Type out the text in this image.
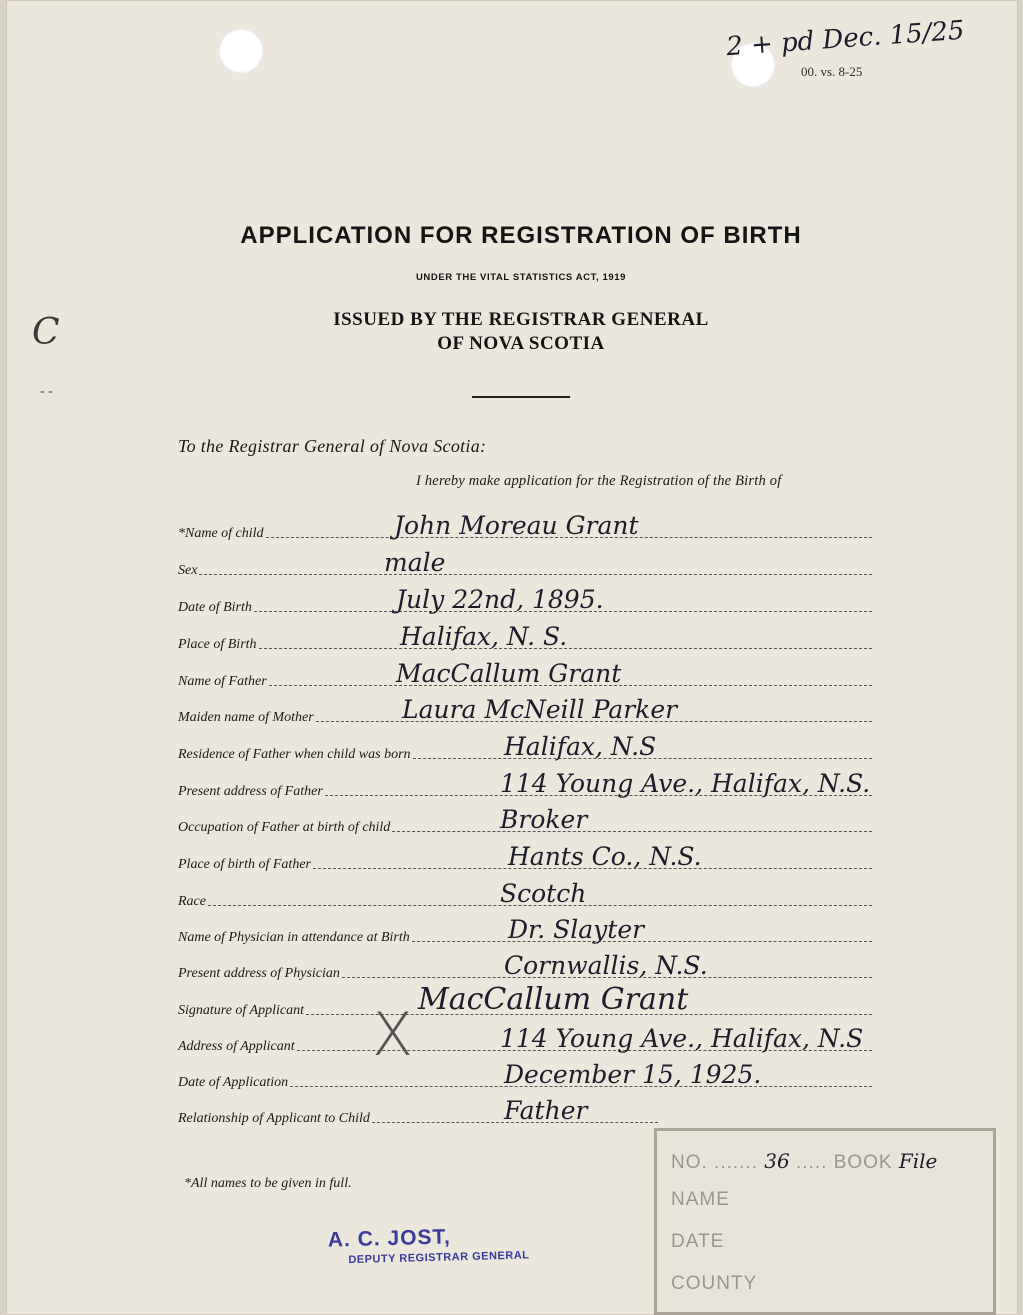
00. vs. 8-25
2 + pd Dec. 15/25
C
- -
APPLICATION FOR REGISTRATION OF BIRTH
UNDER THE VITAL STATISTICS ACT, 1919
ISSUED BY THE REGISTRAR GENERAL
OF NOVA SCOTIA
To the Registrar General of Nova Scotia:
I hereby make application for the Registration of the Birth of
*Name of child	John Moreau Grant
Sex	male
Date of Birth	July 22nd, 1895.
Place of Birth	Halifax, N. S.
Name of Father	MacCallum Grant
Maiden name of Mother	Laura McNeill Parker
Residence of Father when child was born	Halifax, N.S
Present address of Father	114 Young Ave., Halifax, N.S.
Occupation of Father at birth of child	Broker
Place of birth of Father	Hants Co., N.S.
Race	Scotch
Name of Physician in attendance at Birth	Dr. Slayter
Present address of Physician	Cornwallis, N.S.
Signature of Applicant	MacCallum Grant
Address of Applicant	114 Young Ave., Halifax, N.S
Date of Application	December 15, 1925.
Relationship of Applicant to Child	Father
X
*All names to be given in full.
A. C. JOST,
DEPUTY REGISTRAR GENERAL
NO. ....... 36 ..... BOOK File
NAME
DATE
COUNTY
